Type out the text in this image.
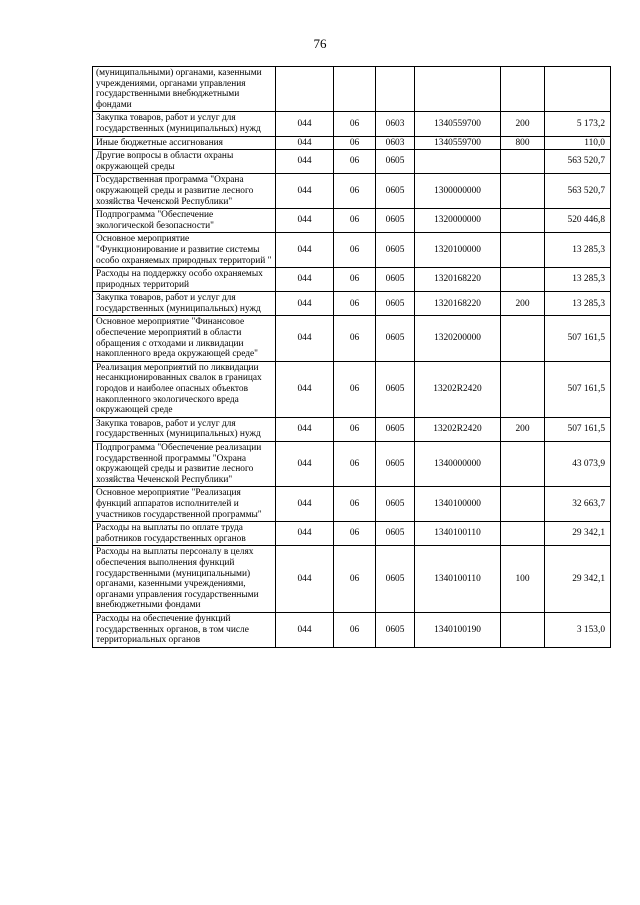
76
(муниципальными) органами, казенными учреждениями, органами управления государственными внебюджетными фондами						
Закупка товаров, работ и услуг для государственных (муниципальных) нужд	044	06	0603	1340559700	200	5 173,2
Иные бюджетные ассигнования	044	06	0603	1340559700	800	110,0
Другие вопросы в области охраны окружающей среды	044	06	0605			563 520,7
Государственная программа "Охрана окружающей среды и развитие лесного хозяйства Чеченской Республики"	044	06	0605	1300000000		563 520,7
Подпрограмма "Обеспечение экологической безопасности"	044	06	0605	1320000000		520 446,8
Основное мероприятие "Функционирование и развитие системы особо охраняемых природных территорий "	044	06	0605	1320100000		13 285,3
Расходы на поддержку особо охраняемых природных территорий	044	06	0605	1320168220		13 285,3
Закупка товаров, работ и услуг для государственных (муниципальных) нужд	044	06	0605	1320168220	200	13 285,3
Основное мероприятие "Финансовое обеспечение мероприятий в области обращения с отходами и ликвидации накопленного вреда окружающей среде"	044	06	0605	1320200000		507 161,5
Реализация мероприятий по ликвидации несанкционированных свалок в границах городов и наиболее опасных объектов накопленного экологического вреда окружающей среде	044	06	0605	13202R2420		507 161,5
Закупка товаров, работ и услуг для государственных (муниципальных) нужд	044	06	0605	13202R2420	200	507 161,5
Подпрограмма "Обеспечение реализации государственной программы "Охрана окружающей среды и развитие лесного хозяйства Чеченской Республики"	044	06	0605	1340000000		43 073,9
Основное мероприятие "Реализация функций аппаратов исполнителей и участников государственной программы"	044	06	0605	1340100000		32 663,7
Расходы на выплаты по оплате труда работников государственных органов	044	06	0605	1340100110		29 342,1
Расходы на выплаты персоналу в целях обеспечения выполнения функций государственными (муниципальными) органами, казенными учреждениями, органами управления государственными внебюджетными фондами	044	06	0605	1340100110	100	29 342,1
Расходы на обеспечение функций государственных органов, в том числе территориальных органов	044	06	0605	1340100190		3 153,0
